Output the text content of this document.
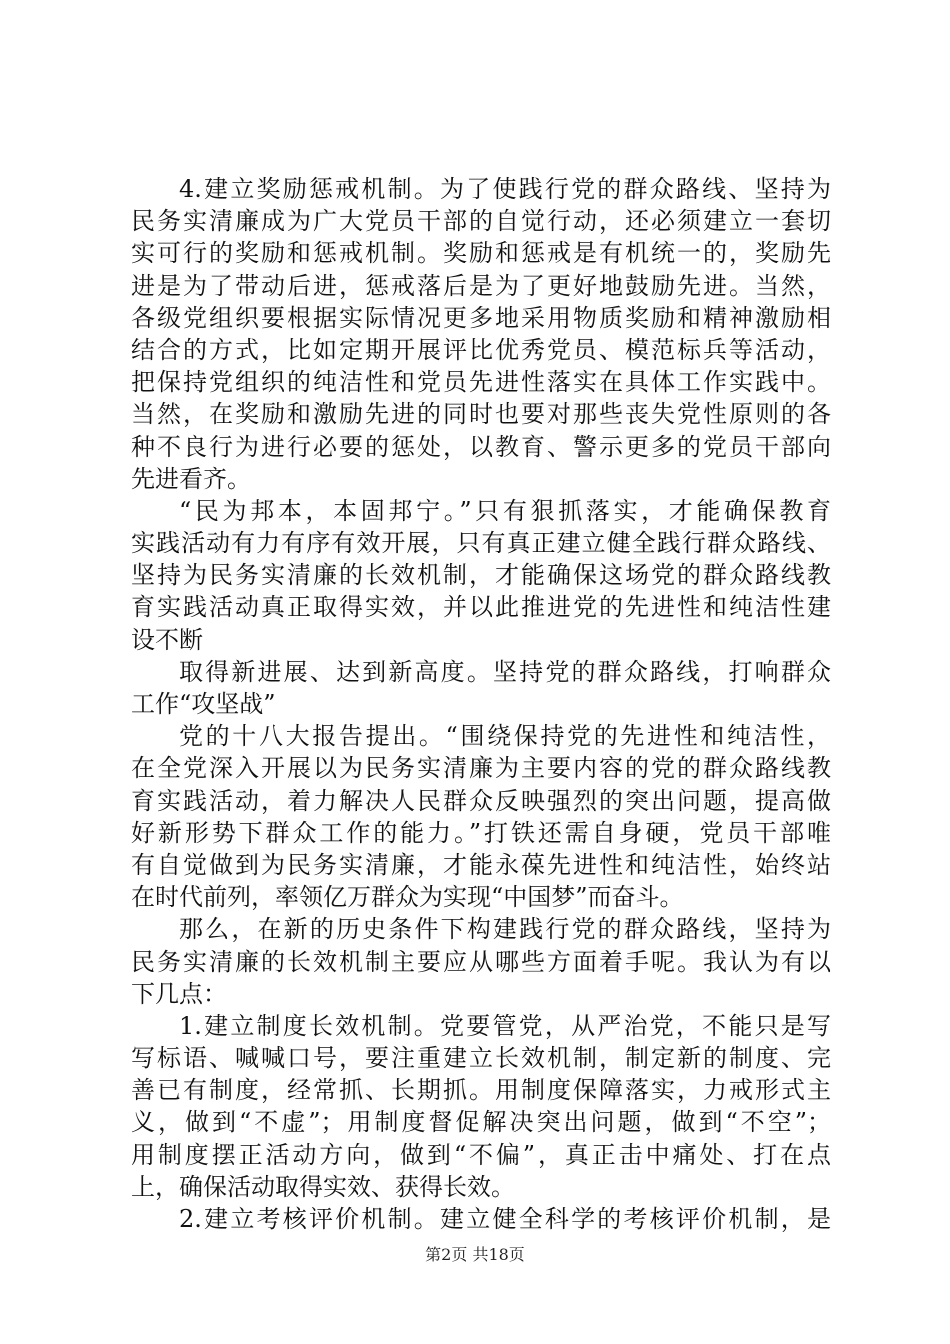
4.建立奖励惩戒机制。为了使践行党的群众路线、坚持为
民务实清廉成为广大党员干部的自觉行动，还必须建立一套切
实可行的奖励和惩戒机制。奖励和惩戒是有机统一的，奖励先
进是为了带动后进，惩戒落后是为了更好地鼓励先进。当然，
各级党组织要根据实际情况更多地采用物质奖励和精神激励相
结合的方式，比如定期开展评比优秀党员、模范标兵等活动，
把保持党组织的纯洁性和党员先进性落实在具体工作实践中。
当然，在奖励和激励先进的同时也要对那些丧失党性原则的各
种不良行为进行必要的惩处，以教育、警示更多的党员干部向
先进看齐。
“民为邦本，本固邦宁。”只有狠抓落实，才能确保教育
实践活动有力有序有效开展，只有真正建立健全践行群众路线、
坚持为民务实清廉的长效机制，才能确保这场党的群众路线教
育实践活动真正取得实效，并以此推进党的先进性和纯洁性建
设不断
取得新进展、达到新高度。坚持党的群众路线，打响群众
工作“攻坚战”
党的十八大报告提出。“围绕保持党的先进性和纯洁性，
在全党深入开展以为民务实清廉为主要内容的党的群众路线教
育实践活动，着力解决人民群众反映强烈的突出问题，提高做
好新形势下群众工作的能力。”打铁还需自身硬，党员干部唯
有自觉做到为民务实清廉，才能永葆先进性和纯洁性，始终站
在时代前列，率领亿万群众为实现“中国梦”而奋斗。
那么，在新的历史条件下构建践行党的群众路线，坚持为
民务实清廉的长效机制主要应从哪些方面着手呢。我认为有以
下几点：
1.建立制度长效机制。党要管党，从严治党，不能只是写
写标语、喊喊口号，要注重建立长效机制，制定新的制度、完
善已有制度，经常抓、长期抓。用制度保障落实，力戒形式主
义，做到“不虚”；用制度督促解决突出问题，做到“不空”；
用制度摆正活动方向，做到“不偏”，真正击中痛处、打在点
上，确保活动取得实效、获得长效。
2.建立考核评价机制。建立健全科学的考核评价机制，是
第2页 共18页
